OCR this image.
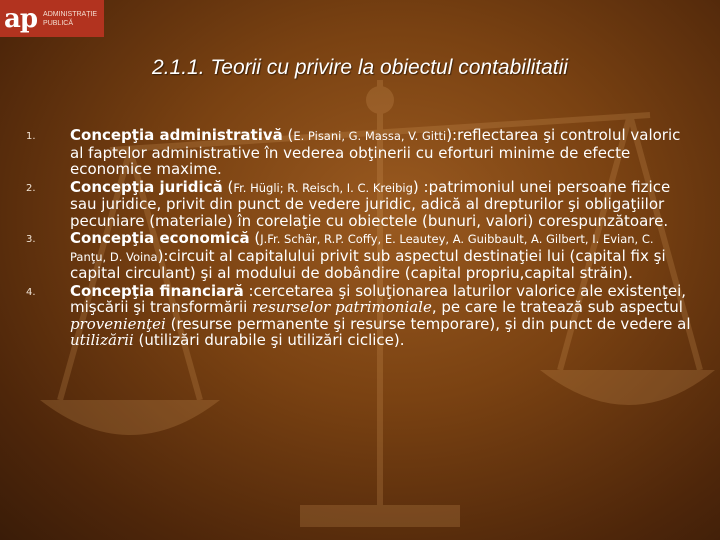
ap ADMINISTRAȚIE
PUBLICĂ
2.1.1. Teorii cu privire la obiectul contabilitatii
1.	Concepţia administrativă (E. Pisani, G. Massa, V. Gitti):reflectarea şi controlul valoric al faptelor administrative în vederea obţinerii cu eforturi minime de efecte economice maxime.
2.	Concepţia juridică (Fr. Hügli; R. Reisch, I. C. Kreibig) :patrimoniul unei persoane fizice sau juridice, privit din punct de vedere juridic, adică al drepturilor şi obligaţiilor pecuniare (materiale) în corelaţie cu obiectele (bunuri, valori) corespunzătoare.
3.	Concepţia economică (J.Fr. Schär, R.P. Coffy, E. Leautey, A. Guibbault, A. Gilbert, I. Evian, C. Panţu, D. Voina):circuit al capitalului privit sub aspectul destinaţiei lui (capital fix şi capital circulant) şi al modului de dobândire (capital propriu,capital străin).
4.	Concepţia financiară :cercetarea şi soluţionarea laturilor valorice ale existenţei, mişcării şi transformării resurselor patrimoniale, pe care le tratează sub aspectul provenienţei (resurse permanente şi resurse temporare), şi din punct de vedere al utilizării (utilizări durabile şi utilizări ciclice).
